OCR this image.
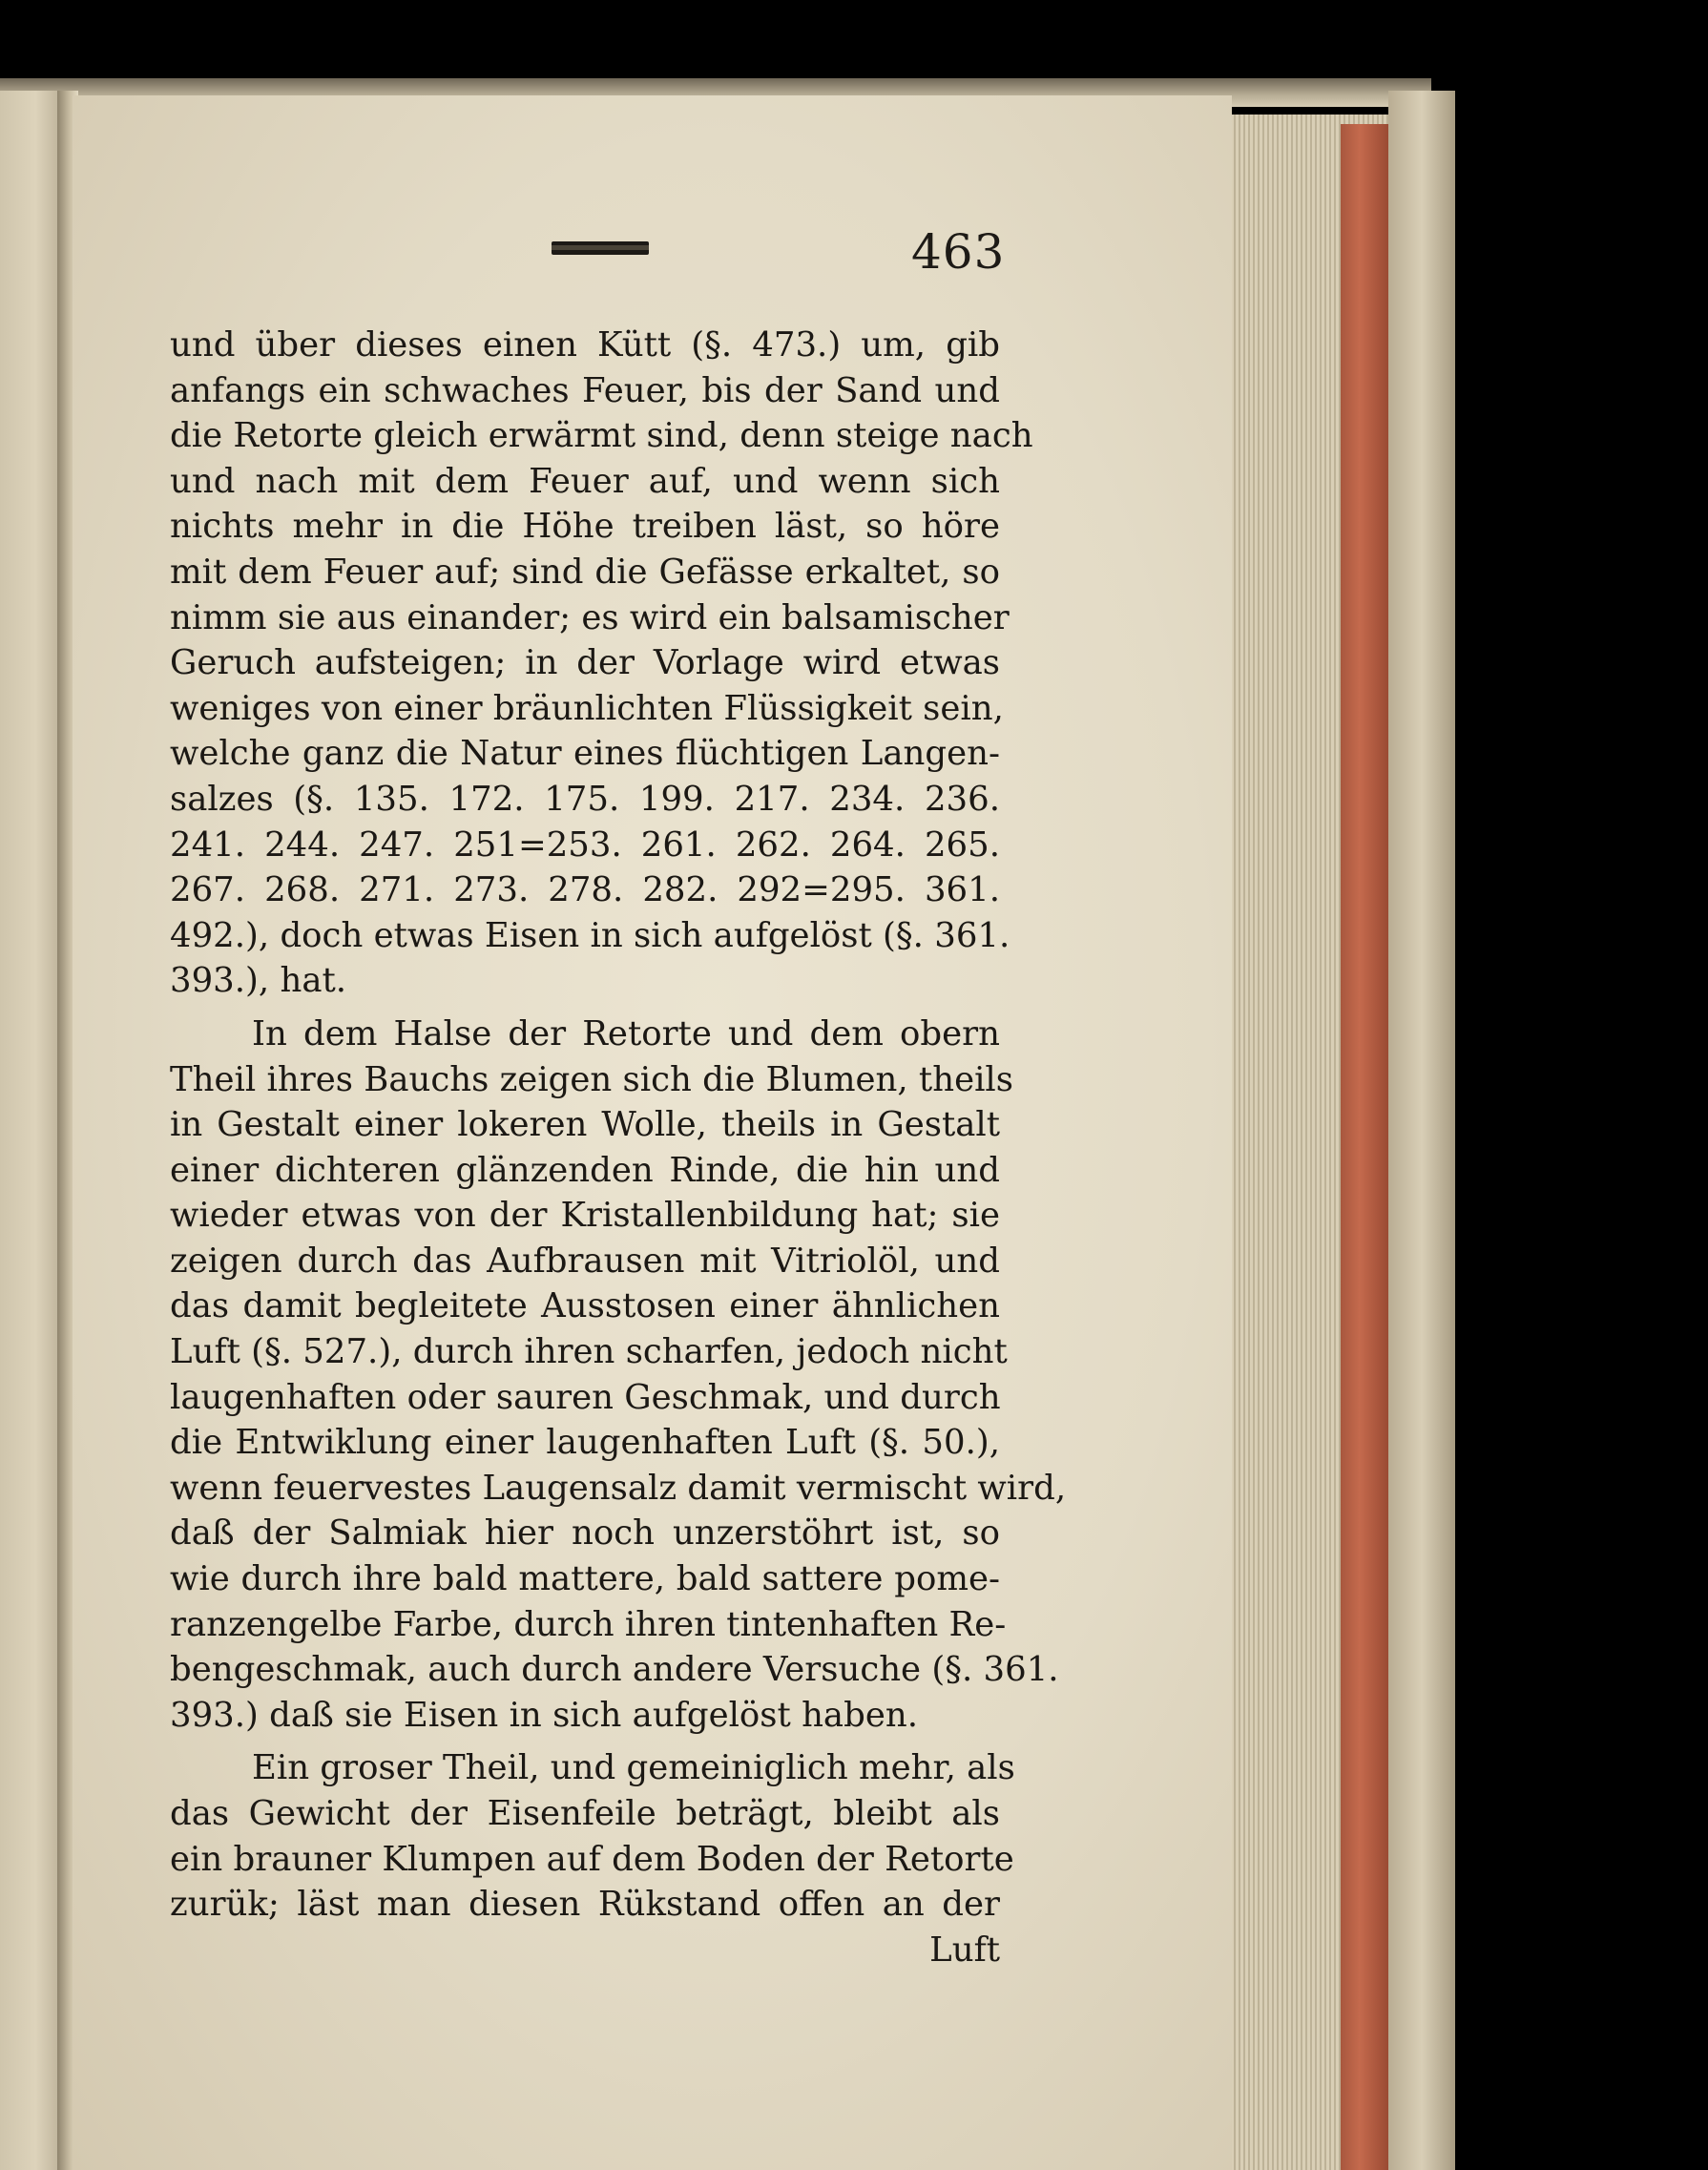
463
und über dieses einen Kütt (§. 473.) um, gib
anfangs ein schwaches Feuer, bis der Sand und
die Retorte gleich erwärmt sind, denn steige nach
und nach mit dem Feuer auf, und wenn sich
nichts mehr in die Höhe treiben läst, so höre
mit dem Feuer auf; sind die Gefässe erkaltet, so
nimm sie aus einander; es wird ein balsamischer
Geruch aufsteigen; in der Vorlage wird etwas
weniges von einer bräunlichten Flüssigkeit sein,
welche ganz die Natur eines flüchtigen Langen-
salzes (§. 135. 172. 175. 199. 217. 234. 236.
241. 244. 247. 251=253. 261. 262. 264. 265.
267. 268. 271. 273. 278. 282. 292=295. 361.
492.), doch etwas Eisen in sich aufgelöst (§. 361.
393.), hat.
In dem Halse der Retorte und dem obern
Theil ihres Bauchs zeigen sich die Blumen, theils
in Gestalt einer lokeren Wolle, theils in Gestalt
einer dichteren glänzenden Rinde, die hin und
wieder etwas von der Kristallenbildung hat; sie
zeigen durch das Aufbrausen mit Vitriolöl, und
das damit begleitete Ausstosen einer ähnlichen
Luft (§. 527.), durch ihren scharfen, jedoch nicht
laugenhaften oder sauren Geschmak, und durch
die Entwiklung einer laugenhaften Luft (§. 50.),
wenn feuervestes Laugensalz damit vermischt wird,
daß der Salmiak hier noch unzerstöhrt ist, so
wie durch ihre bald mattere, bald sattere pome-
ranzengelbe Farbe, durch ihren tintenhaften Re-
bengeschmak, auch durch andere Versuche (§. 361.
393.) daß sie Eisen in sich aufgelöst haben.
Ein groser Theil, und gemeiniglich mehr, als
das Gewicht der Eisenfeile beträgt, bleibt als
ein brauner Klumpen auf dem Boden der Retorte
zurük; läst man diesen Rükstand offen an der
Luft
